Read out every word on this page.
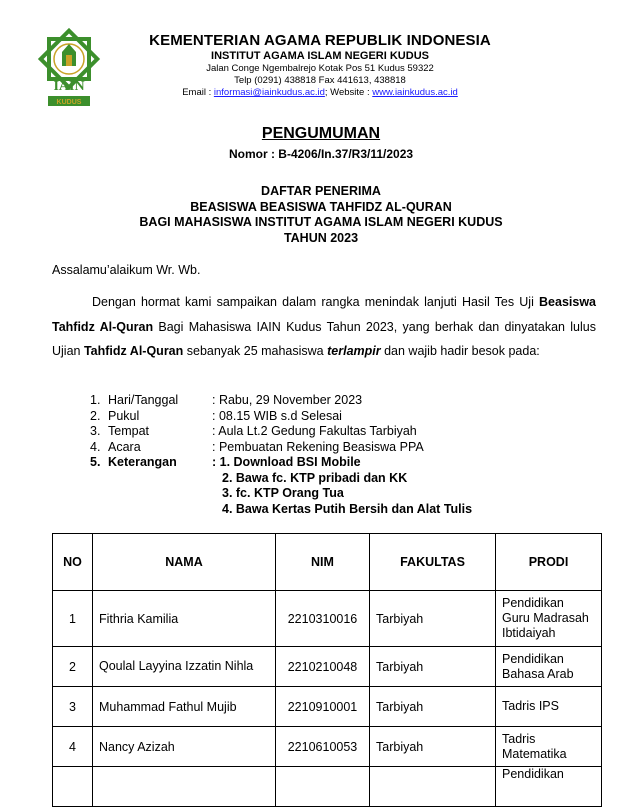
IAIN
KUDUS
KEMENTERIAN AGAMA REPUBLIK INDONESIA
INSTITUT AGAMA ISLAM NEGERI KUDUS
Jalan Conge Ngembalrejo Kotak Pos 51 Kudus 59322
Telp (0291) 438818 Fax 441613, 438818
Email : informasi@iainkudus.ac.id; Website : www.iainkudus.ac.id
PENGUMUMAN
Nomor : B-4206/In.37/R3/11/2023
DAFTAR PENERIMA
BEASISWA BEASISWA TAHFIDZ AL-QURAN
BAGI MAHASISWA INSTITUT AGAMA ISLAM NEGERI KUDUS
TAHUN 2023
Assalamu’alaikum Wr. Wb.
Dengan hormat kami sampaikan dalam rangka menindak lanjuti Hasil Tes Uji Beasiswa Tahfidz Al-Quran Bagi Mahasiswa IAIN Kudus Tahun 2023, yang berhak dan dinyatakan lulus Ujian Tahfidz Al-Quran sebanyak 25 mahasiswa terlampir dan wajib hadir besok pada:
1. Hari/Tanggal	: Rabu, 29 November 2023
2. Pukul	: 08.15 WIB s.d Selesai
3. Tempat	: Aula Lt.2 Gedung Fakultas Tarbiyah
4. Acara	: Pembuatan Rekening Beasiswa PPA
5. Keterangan	: 1. Download BSI Mobile
2. Bawa fc. KTP pribadi dan KK
3. fc. KTP Orang Tua
4. Bawa Kertas Putih Bersih dan Alat Tulis
NO	NAMA	NIM	FAKULTAS	PRODI
1	Fithria Kamilia	2210310016	Tarbiyah	Pendidikan Guru Madrasah Ibtidaiyah
2	Qoulal Layyina Izzatin Nihla	2210210048	Tarbiyah	Pendidikan Bahasa Arab
3	Muhammad Fathul Mujib	2210910001	Tarbiyah	Tadris IPS
4	Nancy Azizah	2210610053	Tarbiyah	Tadris Matematika
				Pendidikan
